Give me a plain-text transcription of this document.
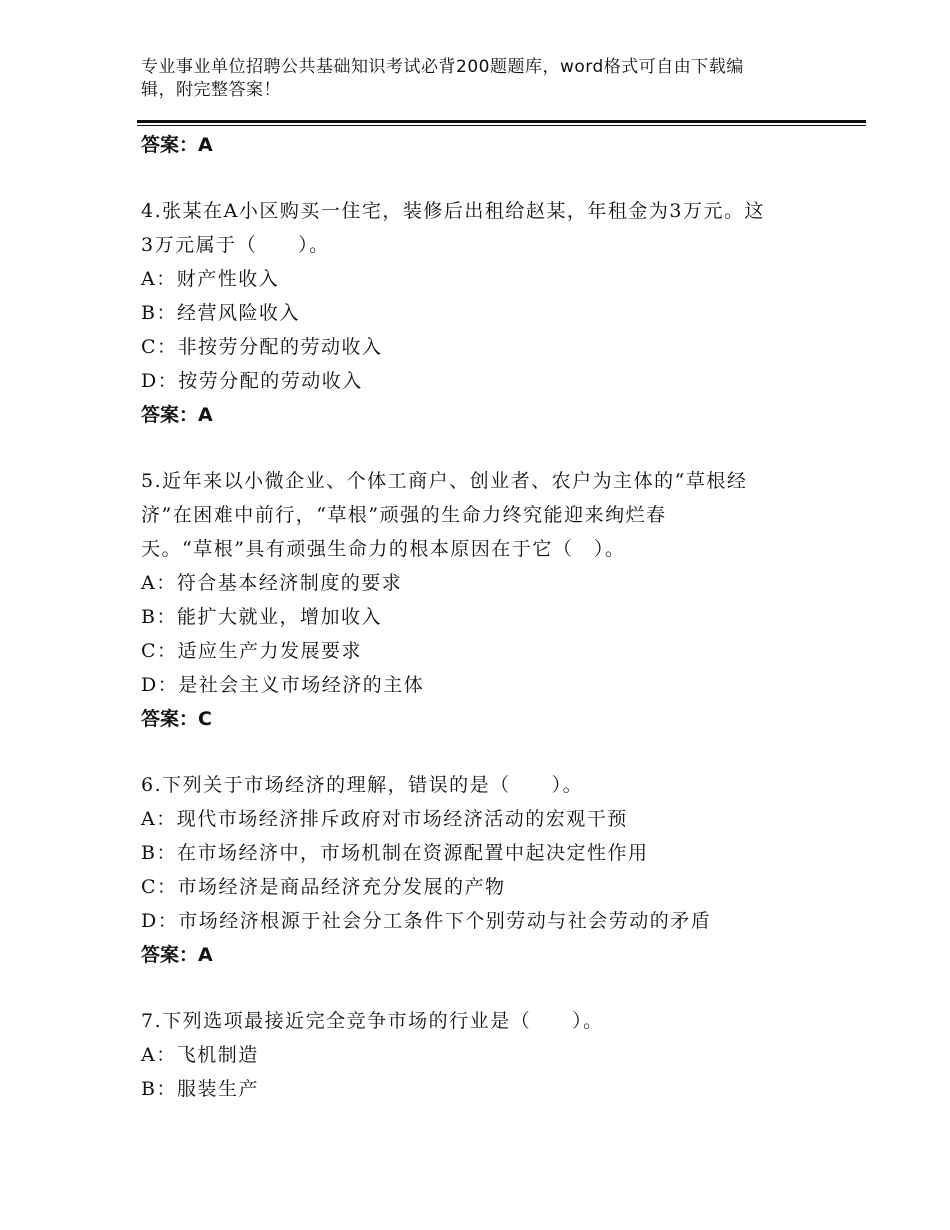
专业事业单位招聘公共基础知识考试必背200题题库，word格式可自由下载编
辑，附完整答案！
答案：A
4.张某在A小区购买一住宅，装修后出租给赵某，年租金为3万元。这
3万元属于（　　）。
A：财产性收入
B：经营风险收入
C：非按劳分配的劳动收入
D：按劳分配的劳动收入
答案：A
5.近年来以小微企业、个体工商户、创业者、农户为主体的“草根经
济”在困难中前行，“草根”顽强的生命力终究能迎来绚烂春
天。“草根”具有顽强生命力的根本原因在于它（　）。
A：符合基本经济制度的要求
B：能扩大就业，增加收入
C：适应生产力发展要求
D：是社会主义市场经济的主体
答案：C
6.下列关于市场经济的理解，错误的是（　　）。
A：现代市场经济排斥政府对市场经济活动的宏观干预
B：在市场经济中，市场机制在资源配置中起决定性作用
C：市场经济是商品经济充分发展的产物
D：市场经济根源于社会分工条件下个别劳动与社会劳动的矛盾
答案：A
7.下列选项最接近完全竞争市场的行业是（　　）。
A：飞机制造
B：服装生产
